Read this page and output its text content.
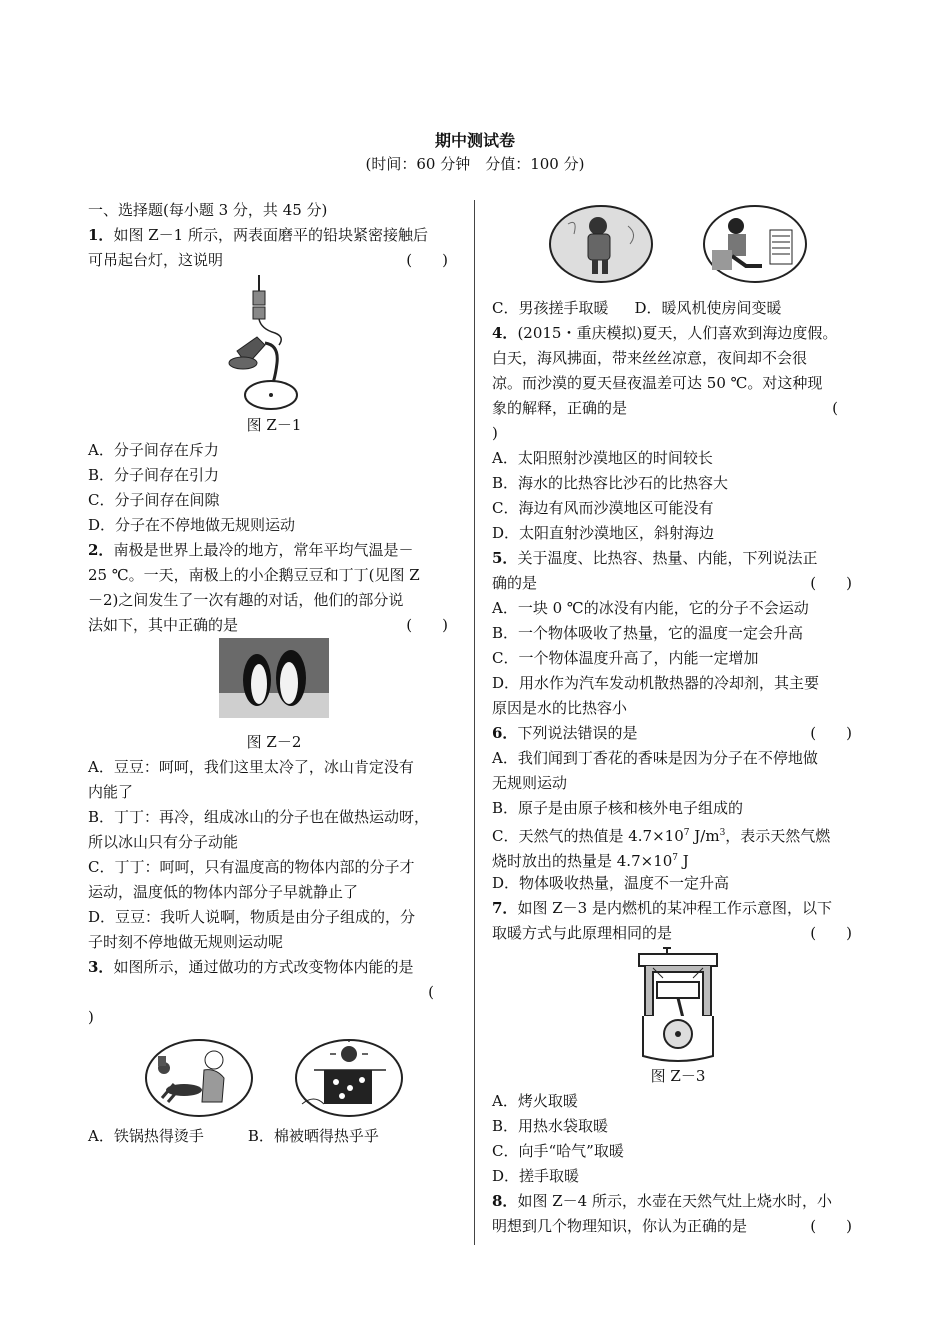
期中测试卷
(时间：60 分钟　分值：100 分)
一、选择题(每小题 3 分，共 45 分)
1．如图 Z－1 所示，两表面磨平的铅块紧密接触后
可吊起台灯，这说明	(　　)
图 Z－1
A．分子间存在斥力
B．分子间存在引力
C．分子间存在间隙
D．分子在不停地做无规则运动
2．南极是世界上最冷的地方，常年平均气温是－
25 ℃。一天，南极上的小企鹅豆豆和丁丁(见图 Z
－2)之间发生了一次有趣的对话，他们的部分说
法如下，其中正确的是	(　　)
图 Z－2
A．豆豆：呵呵，我们这里太冷了，冰山肯定没有
内能了
B．丁丁：再冷，组成冰山的分子也在做热运动呀，
所以冰山只有分子动能
C．丁丁：呵呵，只有温度高的物体内部的分子才
运动，温度低的物体内部分子早就静止了
D．豆豆：我听人说啊，物质是由分子组成的，分
子时刻不停地做无规则运动呢
3．如图所示，通过做功的方式改变物体内能的是
(
)
A．铁锅热得烫手	B．棉被晒得热乎乎
C．男孩搓手取暖 D．暖风机使房间变暖
4．(2015・重庆模拟)夏天，人们喜欢到海边度假。
白天，海风拂面，带来丝丝凉意，夜间却不会很
凉。而沙漠的夏天昼夜温差可达 50 ℃。对这种现
象的解释，正确的是	(
)
A．太阳照射沙漠地区的时间较长
B．海水的比热容比沙石的比热容大
C．海边有风而沙漠地区可能没有
D．太阳直射沙漠地区，斜射海边
5．关于温度、比热容、热量、内能，下列说法正
确的是	(　　)
A．一块 0 ℃的冰没有内能，它的分子不会运动
B．一个物体吸收了热量，它的温度一定会升高
C．一个物体温度升高了，内能一定增加
D．用水作为汽车发动机散热器的冷却剂，其主要
原因是水的比热容小
6．下列说法错误的是	(　　)
A．我们闻到丁香花的香味是因为分子在不停地做
无规则运动
B．原子是由原子核和核外电子组成的
C．天然气的热值是 $4.7\times 10^7$ $J/m^3$，表示天然气燃
烧时放出的热量是 $4.7\times 10^7$ J
D．物体吸收热量，温度不一定升高
7．如图 Z－3 是内燃机的某冲程工作示意图，以下
取暖方式与此原理相同的是	(　　)
图 Z－3
A．烤火取暖
B．用热水袋取暖
C．向手“哈气”取暖
D．搓手取暖
8．如图 Z－4 所示，水壶在天然气灶上烧水时，小
明想到几个物理知识，你认为正确的是	(　　)
